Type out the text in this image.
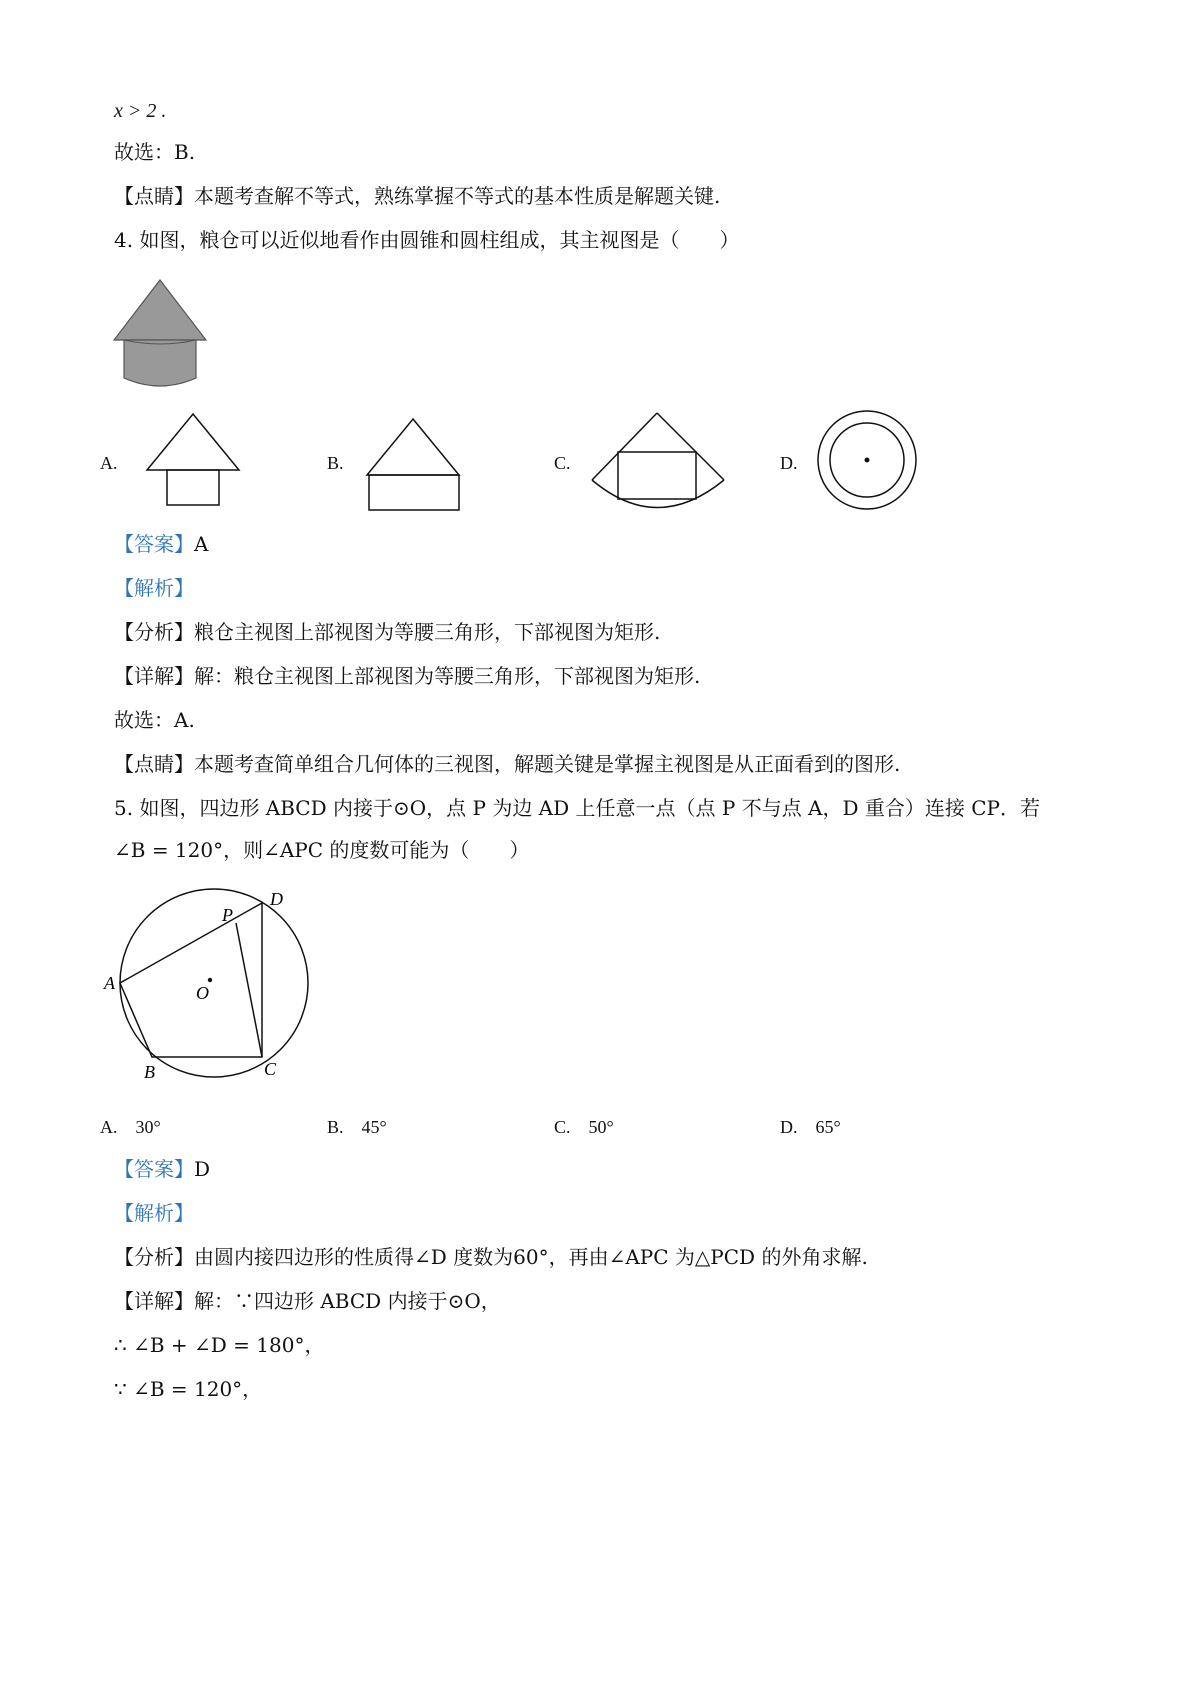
x > 2 .
故选：B.
【点睛】本题考查解不等式，熟练掌握不等式的基本性质是解题关键.
4. 如图，粮仓可以近似地看作由圆锥和圆柱组成，其主视图是（　　）
A.	B.	C.	D.
【答案】A
【解析】
【分析】粮仓主视图上部视图为等腰三角形，下部视图为矩形.
【详解】解：粮仓主视图上部视图为等腰三角形，下部视图为矩形.
故选：A.
【点睛】本题考查简单组合几何体的三视图，解题关键是掌握主视图是从正面看到的图形.
5. 如图，四边形 ABCD 内接于⊙O，点 P 为边 AD 上任意一点（点 P 不与点 A，D 重合）连接 CP．若
∠B = 120°，则∠APC 的度数可能为（　　）
A
B	C
D
O
P
A.　30°	B.　45°	C.　50°	D.　65°
【答案】D
【解析】
【分析】由圆内接四边形的性质得∠D 度数为60°，再由∠APC 为△PCD 的外角求解.
【详解】解：∵四边形 ABCD 内接于⊙O，
∴ ∠B + ∠D = 180°，
∵ ∠B = 120°，
